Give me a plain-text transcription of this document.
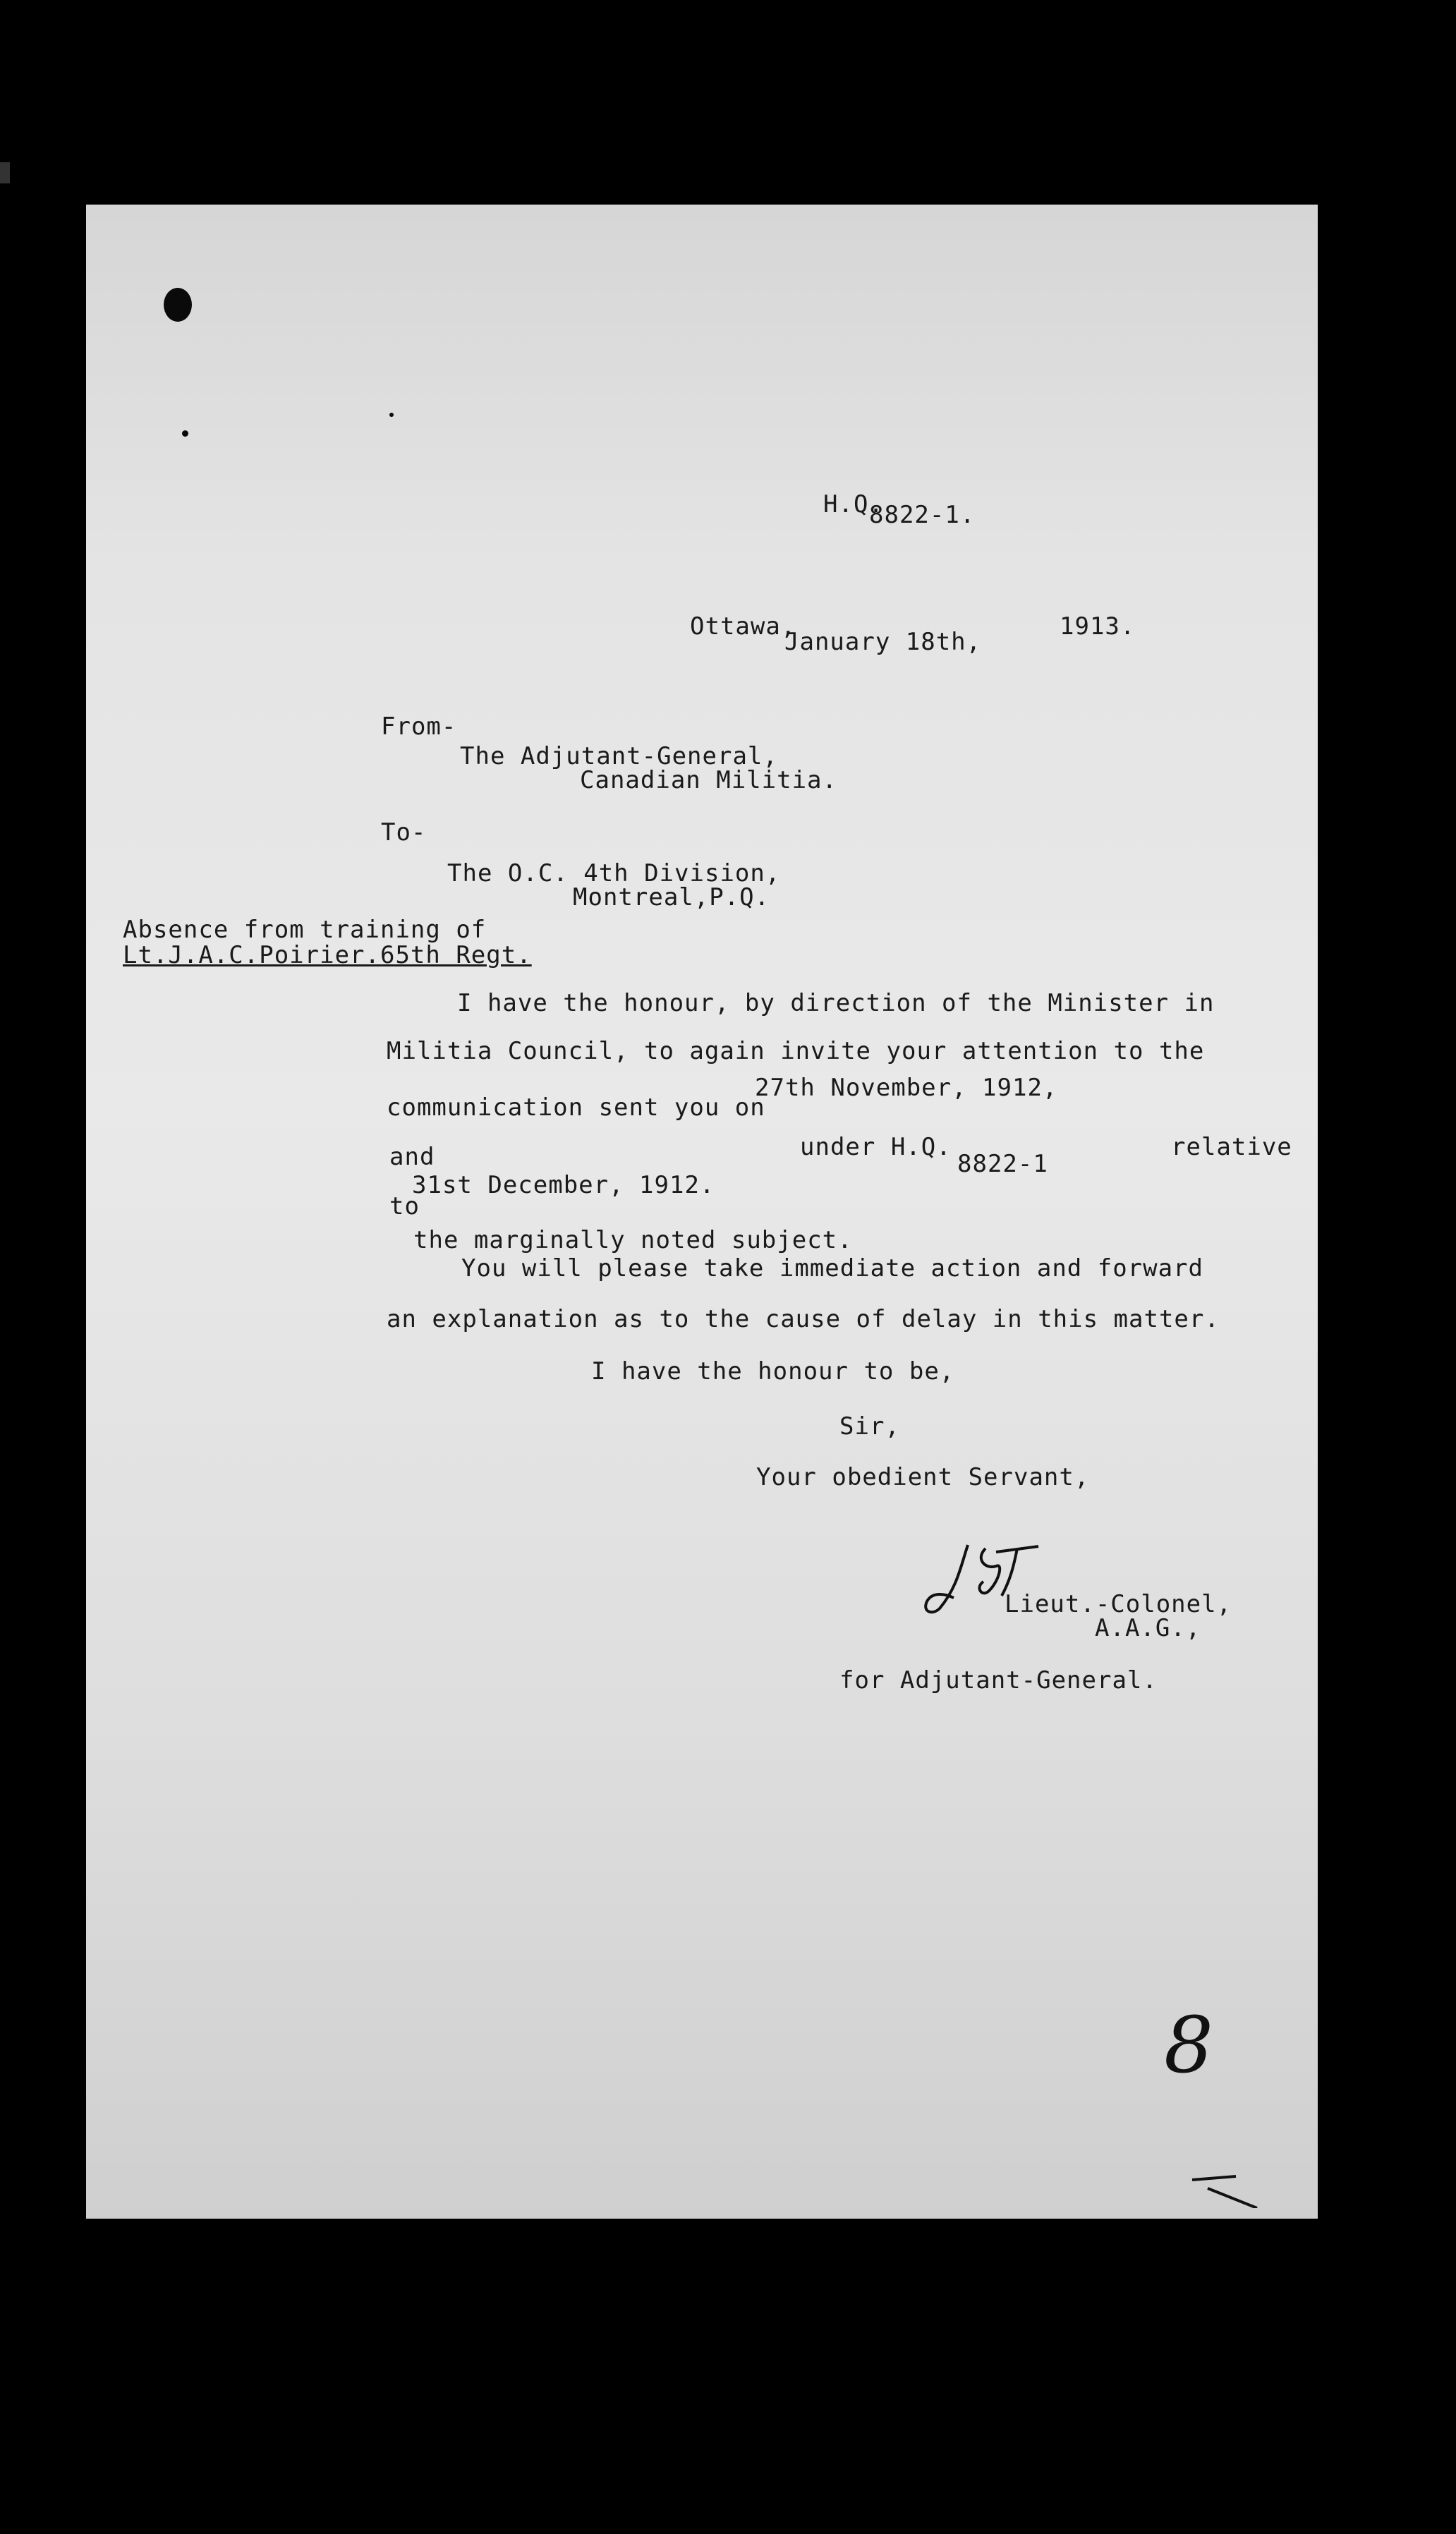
H.Q.
8822-1.
Ottawa,
January 18th,
1913.
From-
The Adjutant-General,
Canadian Militia.
To-
The O.C. 4th Division,
Montreal,P.Q.
Absence from training of
Lt.J.A.C.Poirier.65th Regt.
I have the honour, by direction of the Minister in
Militia Council, to again invite your attention to the
communication sent you on
27th November, 1912,
and	under H.Q.
8822-1
relative
31st December, 1912.
to
the marginally noted subject.
You will please take immediate action and forward
an explanation as to the cause of delay in this matter.
I have the honour to be,
Sir,
Your obedient Servant,
Lieut.-Colonel,
A.A.G.,
for Adjutant-General.
8
